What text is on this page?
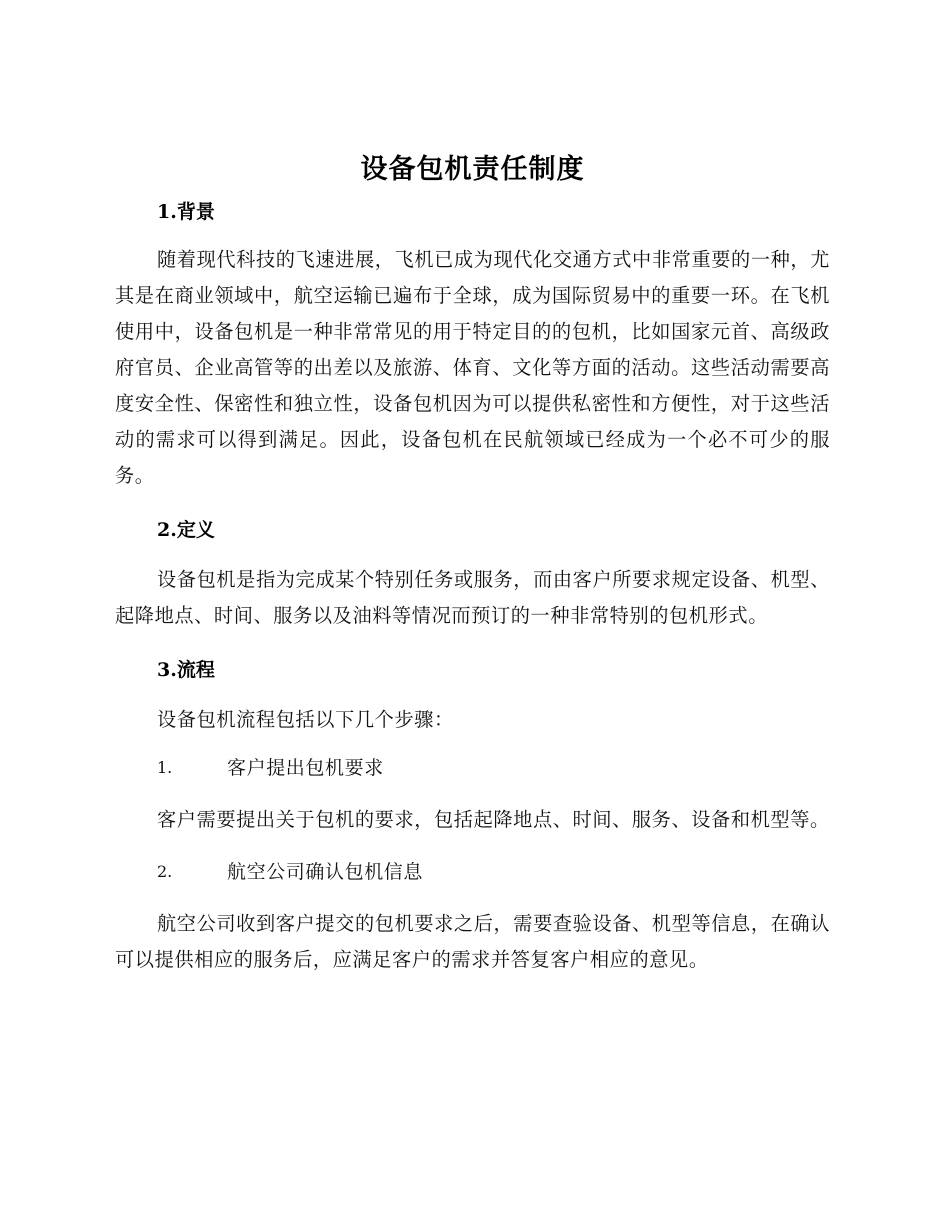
设备包机责任制度
1.背景

随着现代科技的飞速进展，飞机已成为现代化交通方式中非常重要的一种，尤其是在商业领域中，航空运输已遍布于全球，成为国际贸易中的重要一环。在飞机使用中，设备包机是一种非常常见的用于特定目的的包机，比如国家元首、高级政府官员、企业高管等的出差以及旅游、体育、文化等方面的活动。这些活动需要高度安全性、保密性和独立性，设备包机因为可以提供私密性和方便性，对于这些活动的需求可以得到满足。因此，设备包机在民航领域已经成为一个必不可少的服务。

2.定义

设备包机是指为完成某个特别任务或服务，而由客户所要求规定设备、机型、起降地点、时间、服务以及油料等情况而预订的一种非常特别的包机形式。

3.流程

设备包机流程包括以下几个步骤：

1.	客户提出包机要求

客户需要提出关于包机的要求，包括起降地点、时间、服务、设备和机型等。

2.	航空公司确认包机信息

航空公司收到客户提交的包机要求之后，需要查验设备、机型等信息，在确认可以提供相应的服务后，应满足客户的需求并答复客户相应的意见。
